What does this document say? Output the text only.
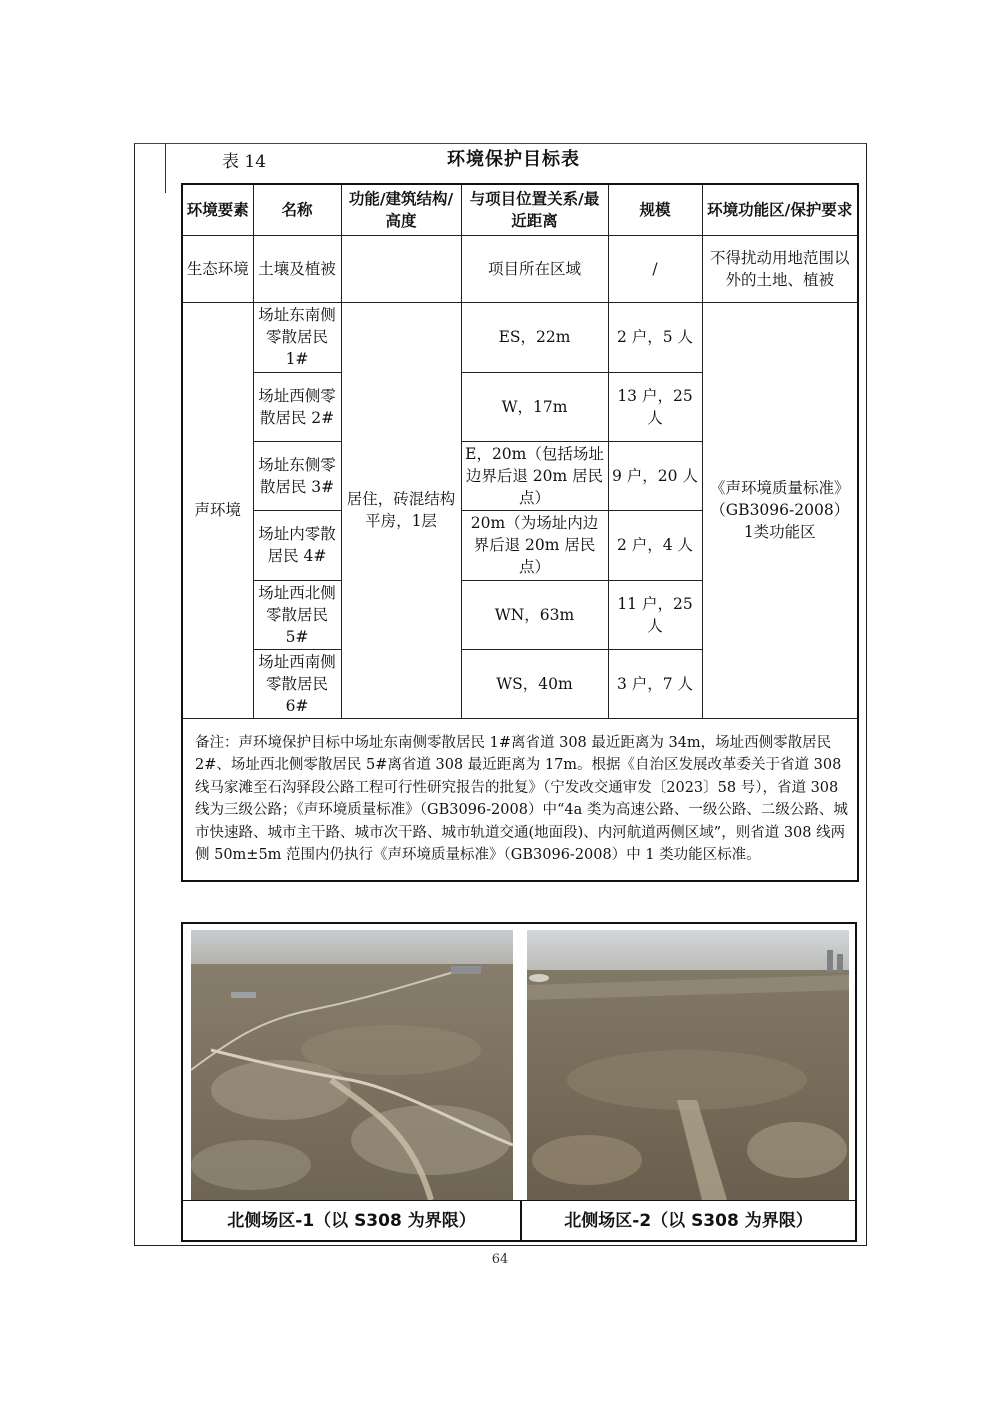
表 14	环境保护目标表
环境要素	名称	功能/建筑结构/高度	与项目位置关系/最近距离	规模	环境功能区/保护要求
生态环境	土壤及植被		项目所在区域	/	不得扰动用地范围以外的土地、植被
声环境	场址东南侧零散居民 1#	居住，砖混结构平房，1层	ES，22m	2 户，5 人	《声环境质量标准》（GB3096-2008）1类功能区
	场址西侧零散居民 2#		W，17m	13 户，25 人	
	场址东侧零散居民 3#		E，20m（包括场址边界后退 20m 居民点）	9 户，20 人	
	场址内零散居民 4#		20m（为场址内边界后退 20m 居民点）	2 户，4 人	
	场址西北侧零散居民 5#		WN，63m	11 户，25 人	
	场址西南侧零散居民 6#		WS，40m	3 户，7 人	
备注：声环境保护目标中场址东南侧零散居民 1#离省道 308 最近距离为 34m，场址西侧零散居民 2#、场址西北侧零散居民 5#离省道 308 最近距离为 17m。根据《自治区发展改革委关于省道 308 线马家滩至石沟驿段公路工程可行性研究报告的批复》（宁发改交通审发〔2023〕58 号），省道 308 线为三级公路；《声环境质量标准》（GB3096-2008）中“4a 类为高速公路、一级公路、二级公路、城市快速路、城市主干路、城市次干路、城市轨道交通(地面段)、内河航道两侧区域”，则省道 308 线两侧 50m±5m 范围内仍执行《声环境质量标准》（GB3096-2008）中 1 类功能区标准。					
北侧场区-1（以 S308 为界限）	北侧场区-2（以 S308 为界限）
64
